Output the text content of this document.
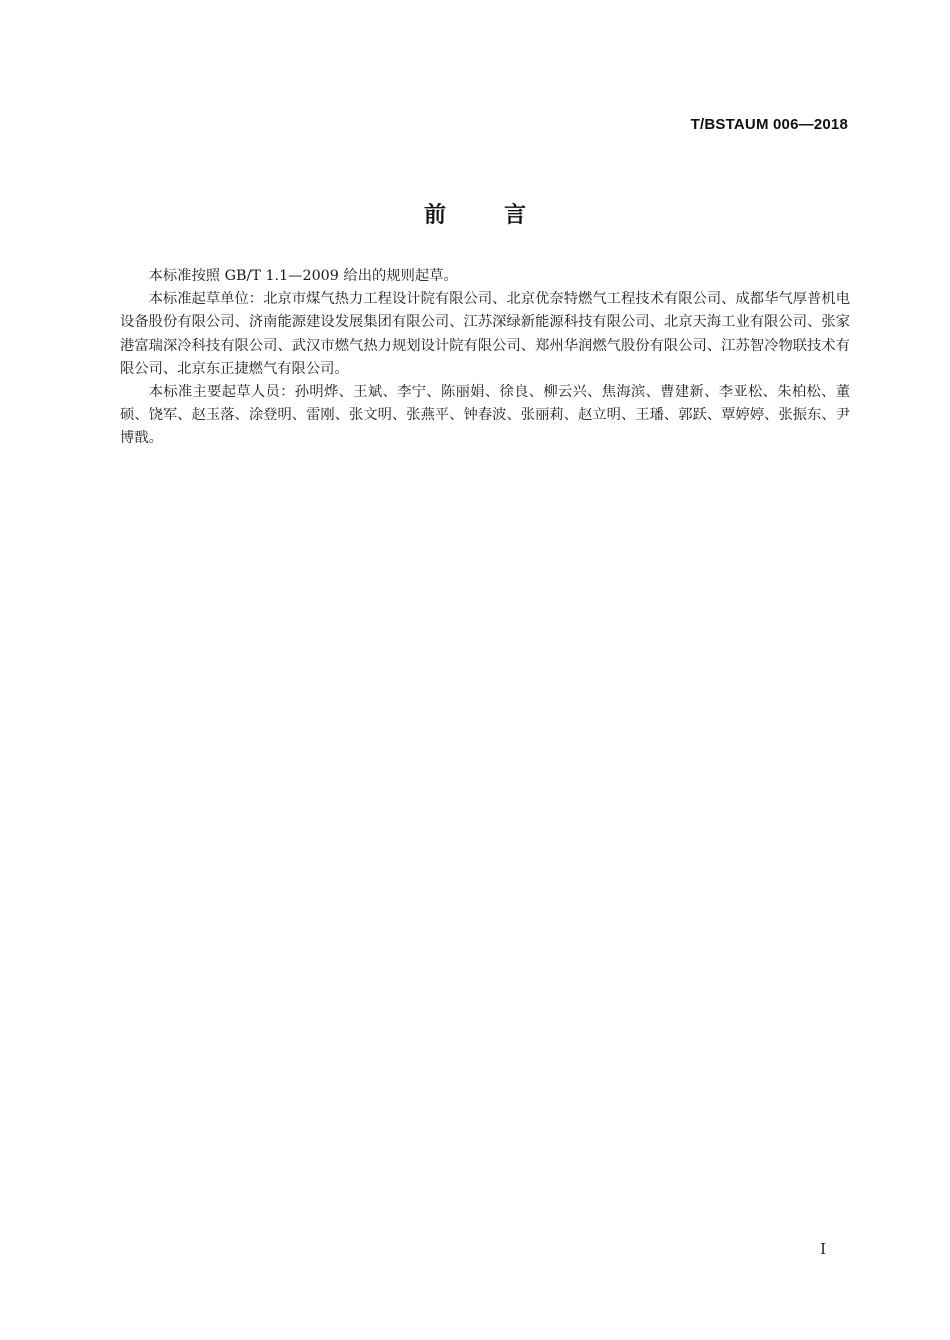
T/BSTAUM 006—2018
前言

本标准按照 GB/T 1.1—2009 给出的规则起草。

本标准起草单位：北京市煤气热力工程设计院有限公司、北京优奈特燃气工程技术有限公司、成都华气厚普机电设备股份有限公司、济南能源建设发展集团有限公司、江苏深绿新能源科技有限公司、北京天海工业有限公司、张家港富瑞深冷科技有限公司、武汉市燃气热力规划设计院有限公司、郑州华润燃气股份有限公司、江苏智冷物联技术有限公司、北京东正捷燃气有限公司。

本标准主要起草人员：孙明烨、王斌、李宁、陈丽娟、徐良、柳云兴、焦海滨、曹建新、李亚松、朱柏松、董硕、饶军、赵玉落、涂登明、雷刚、张文明、张燕平、钟春波、张丽莉、赵立明、王璠、郭跃、覃婷婷、张振东、尹博戬。

I
